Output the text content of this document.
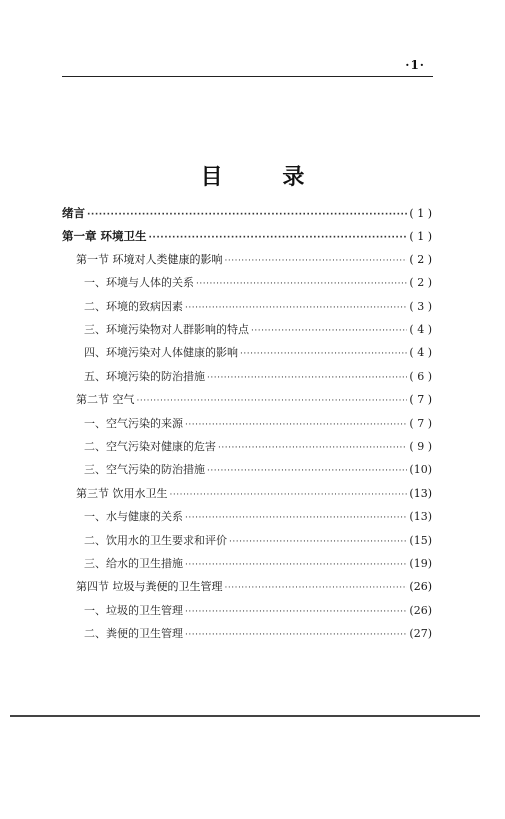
·1·
目 录
绪言 ·····	( 1 )
第一章 环境卫生 ·····	( 1 )
第一节 环境对人类健康的影响 ·····	( 2 )
一、环境与人体的关系 ·····	( 2 )
二、环境的致病因素 ·····	( 3 )
三、环境污染物对人群影响的特点 ·····	( 4 )
四、环境污染对人体健康的影响 ·····	( 4 )
五、环境污染的防治措施 ·····	( 6 )
第二节 空气 ·····	( 7 )
一、空气污染的来源 ·····	( 7 )
二、空气污染对健康的危害 ·····	( 9 )
三、空气污染的防治措施 ·····	(10)
第三节 饮用水卫生 ·····	(13)
一、水与健康的关系 ·····	(13)
二、饮用水的卫生要求和评价 ·····	(15)
三、给水的卫生措施 ·····	(19)
第四节 垃圾与粪便的卫生管理 ·····	(26)
一、垃圾的卫生管理 ·····	(26)
二、粪便的卫生管理 ·····	(27)
